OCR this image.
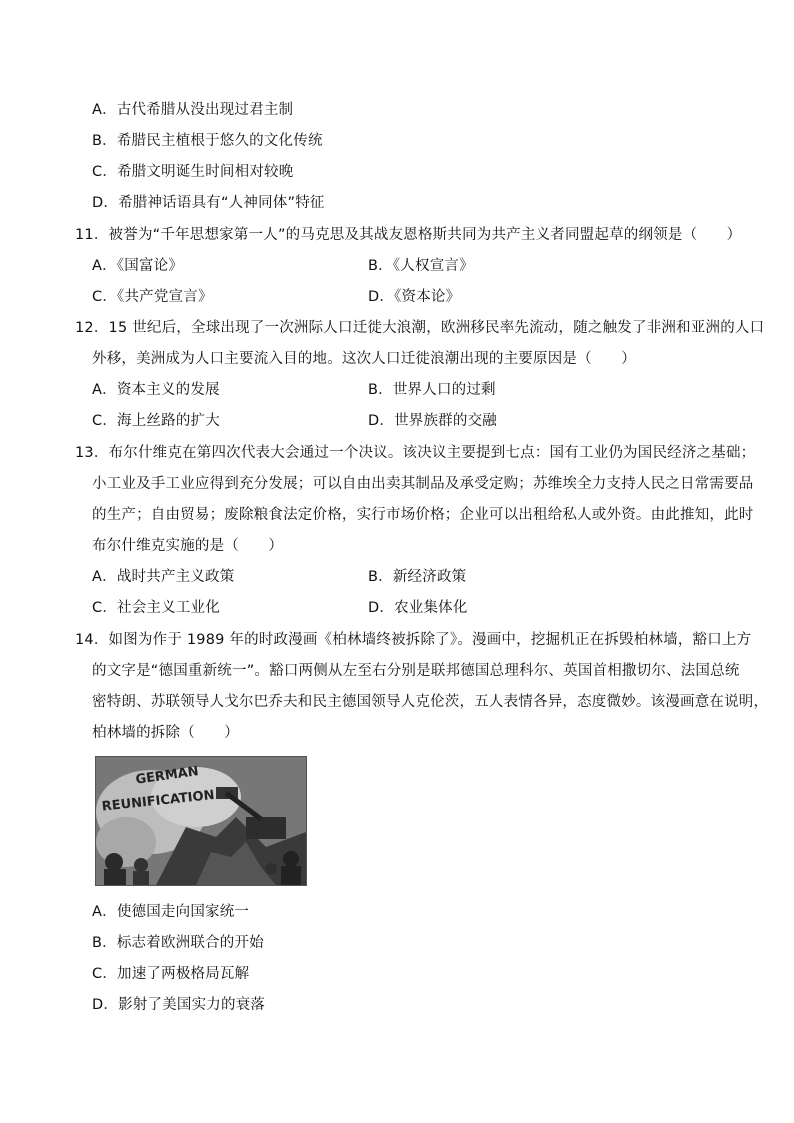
A．古代希腊从没出现过君主制
B．希腊民主植根于悠久的文化传统
C．希腊文明诞生时间相对较晚
D．希腊神话语具有“人神同体”特征
11．被誉为“千年思想家第一人”的马克思及其战友恩格斯共同为共产主义者同盟起草的纲领是（　　）
A．《国富论》	B．《人权宣言》
C．《共产党宣言》	D．《资本论》
12．15 世纪后，全球出现了一次洲际人口迁徙大浪潮，欧洲移民率先流动，随之触发了非洲和亚洲的人口
外移，美洲成为人口主要流入目的地。这次人口迁徙浪潮出现的主要原因是（　　）
A．资本主义的发展	B．世界人口的过剩
C．海上丝路的扩大	D．世界族群的交融
13．布尔什维克在第四次代表大会通过一个决议。该决议主要提到七点：国有工业仍为国民经济之基础；
小工业及手工业应得到充分发展；可以自由出卖其制品及承受定购；苏维埃全力支持人民之日常需要品
的生产；自由贸易；废除粮食法定价格，实行市场价格；企业可以出租给私人或外资。由此推知，此时
布尔什维克实施的是（　　）
A．战时共产主义政策	B．新经济政策
C．社会主义工业化	D．农业集体化
14．如图为作于 1989 年的时政漫画《柏林墙终被拆除了》。漫画中，挖掘机正在拆毁柏林墙，豁口上方
的文字是“德国重新统一”。豁口两侧从左至右分别是联邦德国总理科尔、英国首相撒切尔、法国总统
密特朗、苏联领导人戈尔巴乔夫和民主德国领导人克伦茨，五人表情各异，态度微妙。该漫画意在说明，
柏林墙的拆除（　　）
GERMAN
REUNIFICATION
A．使德国走向国家统一
B．标志着欧洲联合的开始
C．加速了两极格局瓦解
D．影射了美国实力的衰落
